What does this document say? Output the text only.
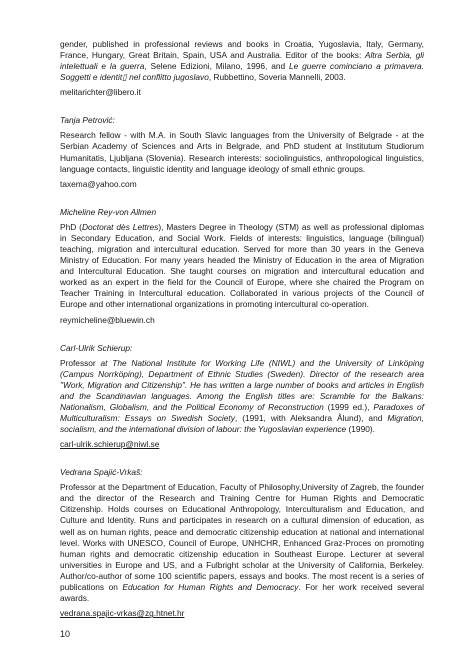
gender, published in professional reviews and books in Croatia, Yugoslavia, Italy, Germany, France, Hungary, Great Britain, Spain, USA and Australia. Editor of the books: Altra Serbia, gli intelettuali e la guerra, Selene Edizioni, Milano, 1996, and Le guerre cominciano a primavera. Soggetti e identit▯ nel conflitto jugoslavo, Rubbettino, Soveria Mannelli, 2003.

melitarichter@libero.it
Tanja Petrović:

Research fellow - with M.A. in South Slavic languages from the University of Belgrade - at the Serbian Academy of Sciences and Arts in Belgrade, and PhD student at Institutum Studiorum Humanitatis, Ljubljana (Slovenia). Research interests: sociolinguistics, anthropological linguistics, language contacts, linguistic identity and language ideology of small ethnic groups.

taxema@yahoo.com
Micheline Rey-von Allmen

PhD (Doctorat dès Lettres), Masters Degree in Theology (STM) as well as professional diplomas in Secondary Education, and Social Work. Fields of interests: linguistics, language (bilingual) teaching, migration and intercultural education. Served for more than 30 years in the Geneva Ministry of Education. For many years headed the Ministry of Education in the area of Migration and Intercultural Education. She taught courses on migration and intercultural education and worked as an expert in the field for the Council of Europe, where she chaired the Program on Teacher Training in Intercultural education. Collaborated in various projects of the Council of Europe and other international organizations in promoting intercultural co-operation.

reymicheline@bluewin.ch
Carl-Ulrik Schierup:

Professor at The National Institute for Working Life (NIWL) and the University of Linköping (Campus Norrköping), Department of Ethnic Studies (Sweden). Director of the research area "Work, Migration and Citizenship". He has written a large number of books and articles in English and the Scandinavian languages. Among the English titles are: Scramble for the Balkans: Nationalism, Globalism, and the Political Economy of Reconstruction (1999 ed.), Paradoxes of Multiculturalism: Essays on Swedish Society, (1991, with Aleksandra Ålund), and Migration, socialism, and the international division of labour: the Yugoslavian experience (1990).

carl-ulrik.schierup@niwl.se
Vedrana Spajić-Vrkaš:

Professor at the Department of Education, Faculty of Philosophy,University of Zagreb, the founder and the director of the Research and Training Centre for Human Rights and Democratic Citizenship. Holds courses on Educational Anthropology, Interculturalism and Education, and Culture and Identity. Runs and participates in research on a cultural dimension of education, as well as on human rights, peace and democratic citizenship education at national and international level. Works with UNESCO, Council of Europe, UNHCHR, Enhanced Graz-Proces on promoting human rights and democratic citizenship education in Southeast Europe. Lecturer at several universities in Europe and US, and a Fulbright scholar at the University of California, Berkeley. Author/co-author of some 100 scientific papers, essays and books. The most recent is a series of publications on Education for Human Rights and Democracy. For her work received several awards.

vedrana.spajic-vrkas@zg.htnet.hr
10
